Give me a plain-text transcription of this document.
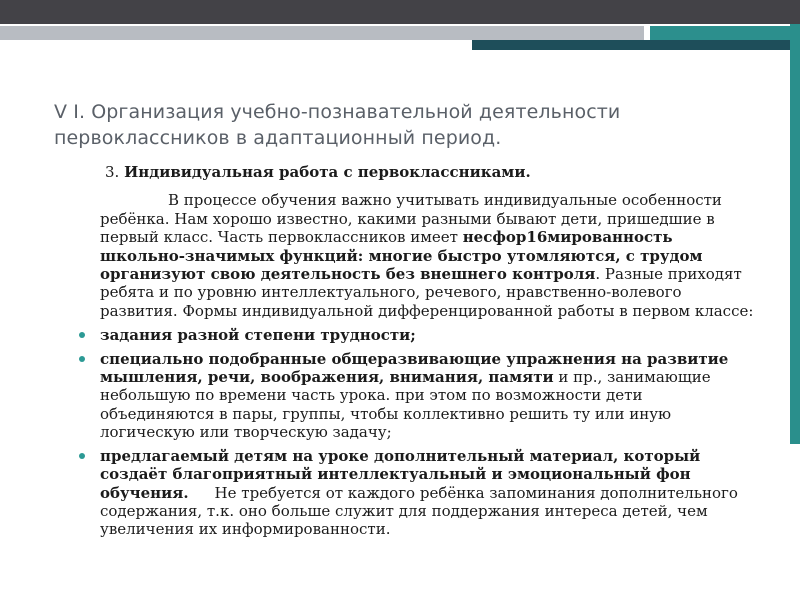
V I. Организация учебно-познавательной деятельности первоклассников в адаптационный период.
3. Индивидуальная работа с первоклассниками.
В процессе обучения важно учитывать индивидуальные особенности ребёнка. Нам хорошо известно, какими разными бывают дети, пришедшие в первый класс. Часть первоклассников имеет несфор16мированность школьно-значимых функций: многие быстро утомляются, с трудом организуют свою деятельность без внешнего контроля. Разные приходят ребята и по уровню интеллектуального, речевого, нравственно-волевого развития. Формы индивидуальной дифференцированной работы в первом классе:
задания разной степени трудности;
специально подобранные общеразвивающие упражнения на развитие мышления, речи, воображения, внимания, памяти и пр., занимающие небольшую по времени часть урока. при этом по возможности дети объединяются в пары, группы, чтобы коллективно решить ту или иную логическую или творческую задачу;
предлагаемый детям на уроке дополнительный материал, который создаёт благоприятный интеллектуальный и эмоциональный фон обучения. Не требуется от каждого ребёнка запоминания дополнительного содержания, т.к. оно больше служит для поддержания интереса детей, чем увеличения их информированности.
